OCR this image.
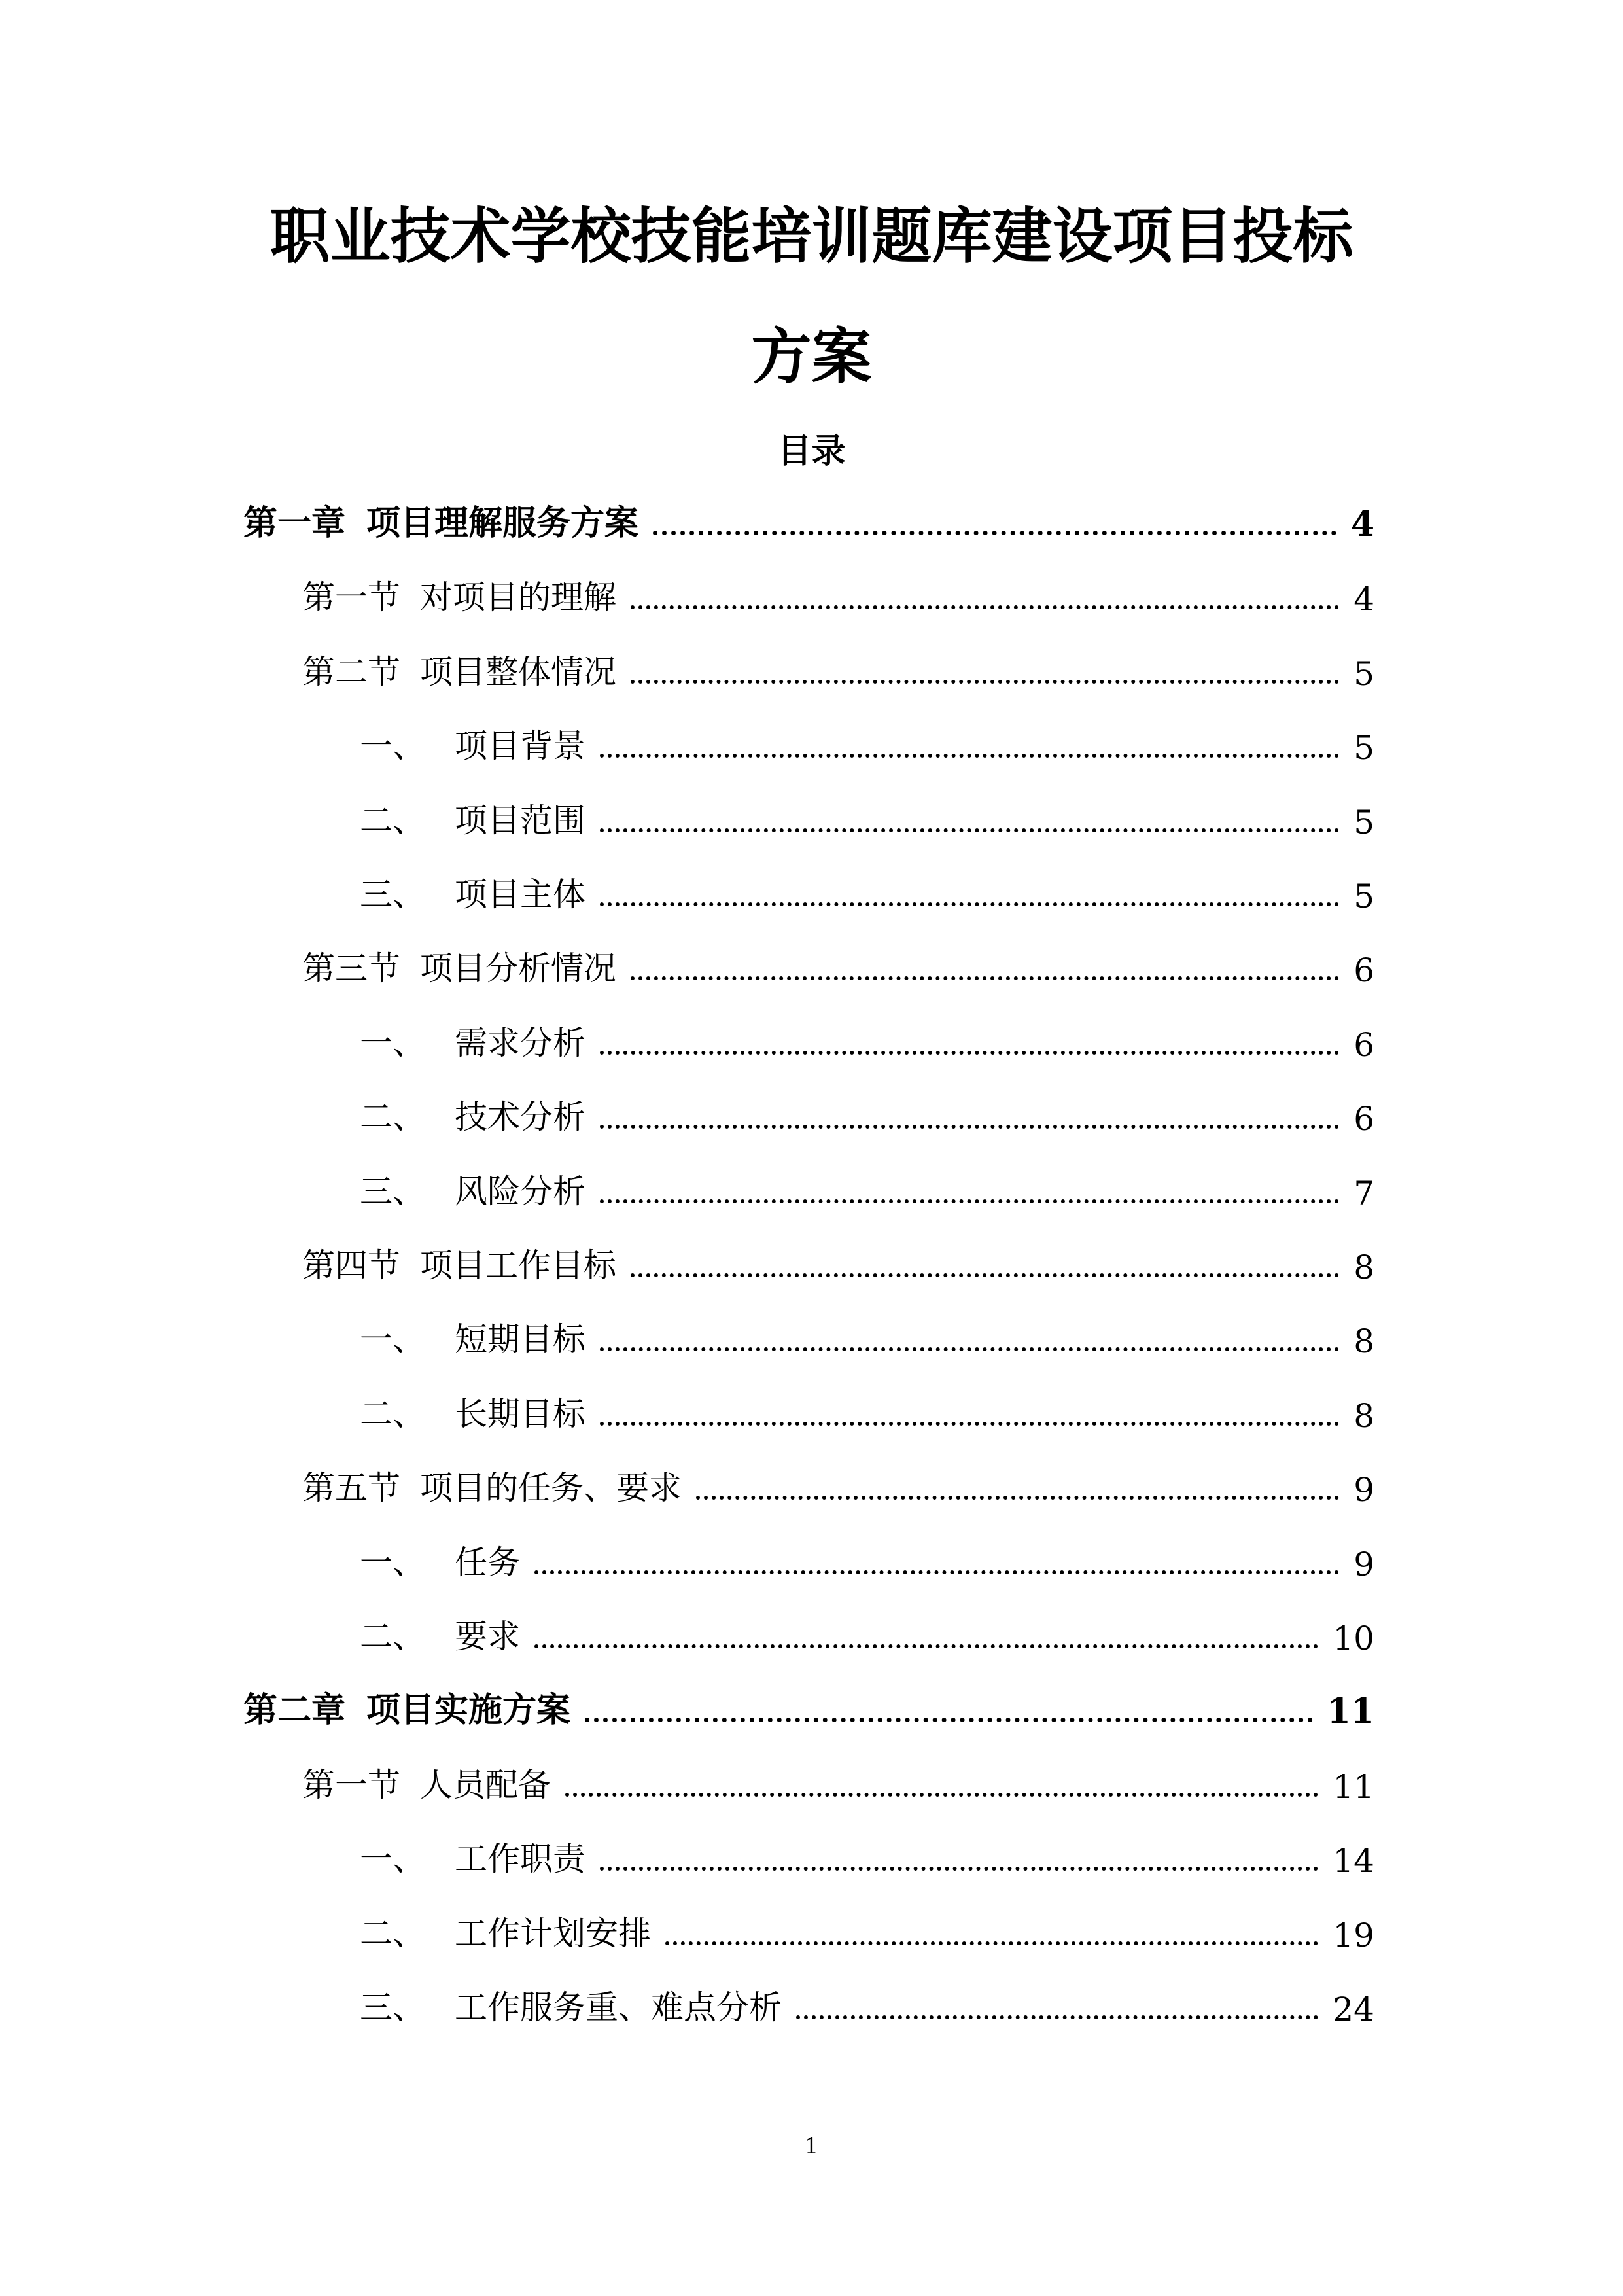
职业技术学校技能培训题库建设项目投标
方案
目录
第一章 项目理解服务方案	4
第一节 对项目的理解	4
第二节 项目整体情况	5
一、 项目背景	5
二、 项目范围	5
三、 项目主体	5
第三节 项目分析情况	6
一、 需求分析	6
二、 技术分析	6
三、 风险分析	7
第四节 项目工作目标	8
一、 短期目标	8
二、 长期目标	8
第五节 项目的任务、要求	9
一、 任务	9
二、 要求	10
第二章 项目实施方案	11
第一节 人员配备	11
一、 工作职责	14
二、 工作计划安排	19
三、 工作服务重、难点分析	24
1
